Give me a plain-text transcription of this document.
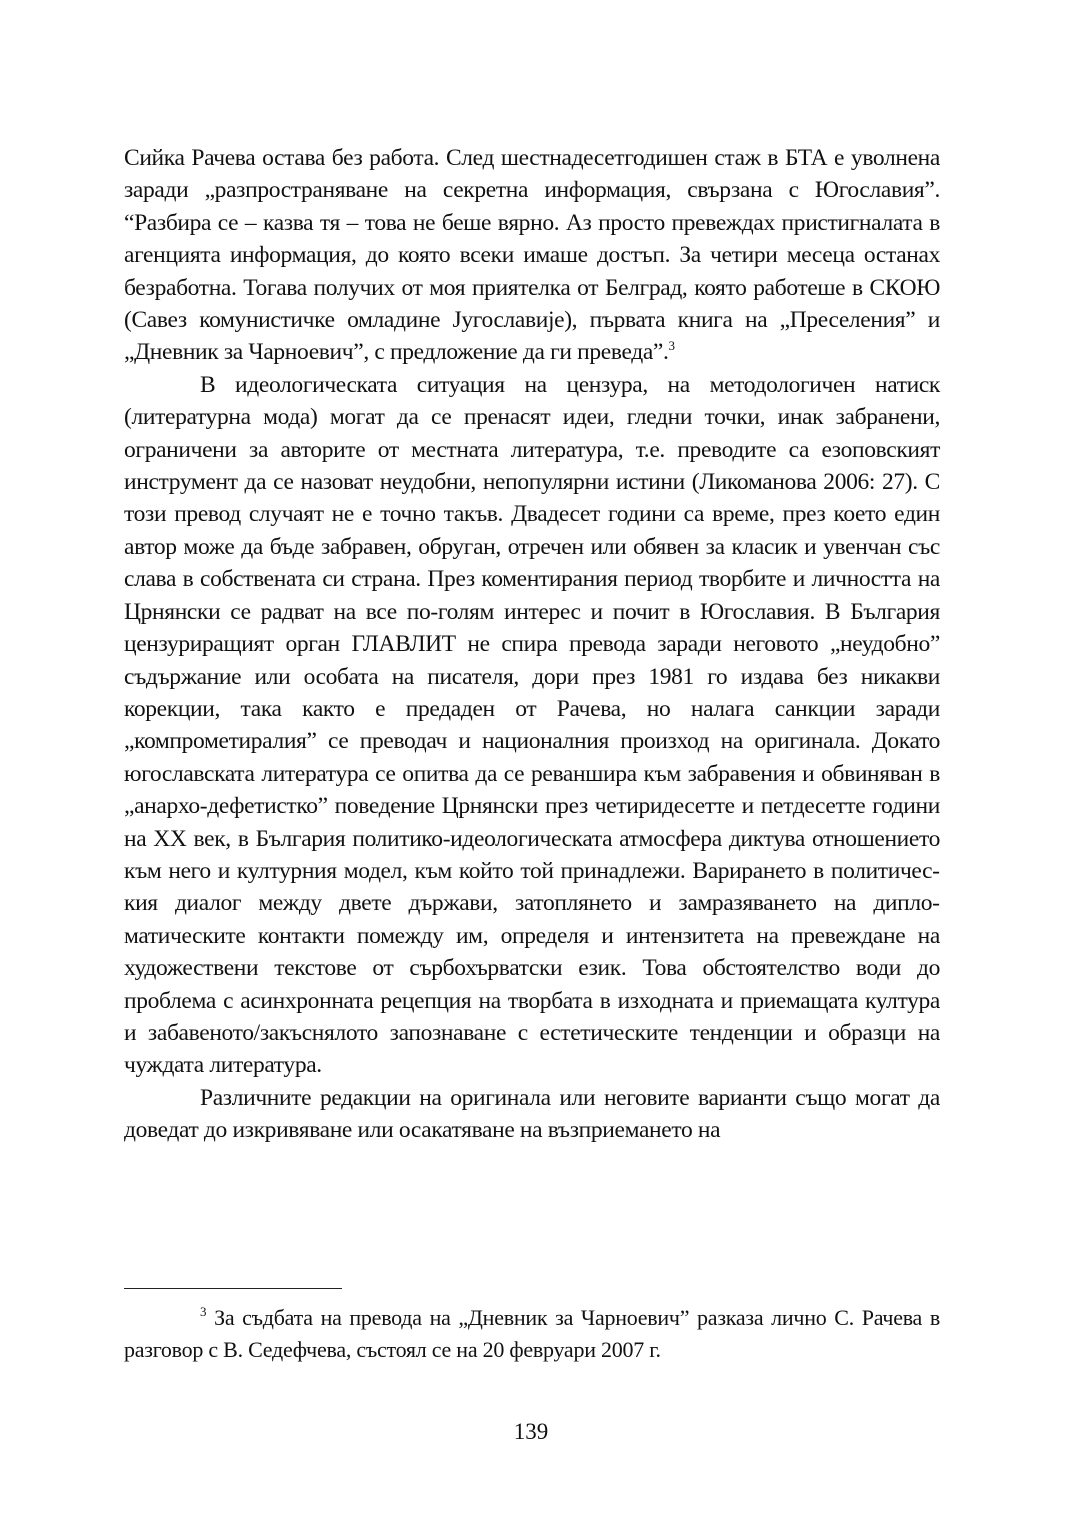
Сийка Рачева остава без работа. След шестнадесетгодишен стаж в БТА е уволнена заради „разпространяване на секретна информация, свързана с Югославия”. “Разбира се – казва тя – това не беше вярно. Аз просто превеждах пристигналата в агенцията информация, до която всеки имаше достъп. За четири месеца останах безработна. Тогава получих от моя приятелка от Белград, която работеше в СКОЮ (Савез комунистичке омладине Југославије), първата книга на „Преселения” и „Дневник за Чарноевич”, с предложение да ги преведа”.$^3$

В идеологическата ситуация на цензура, на методологичен натиск (литературна мода) могат да се пренасят идеи, гледни точки, инак забранени, ограничени за авторите от местната литература, т.е. преводите са езоповският инструмент да се назоват неудобни, непопулярни истини (Ликоманова 2006: 27). С този превод случаят не е точно такъв. Двадесет години са време, през което един автор може да бъде забравен, обруган, отречен или обявен за класик и увенчан със слава в собствената си страна. През коментирания период творбите и личността на Црнянски се радват на все по-голям интерес и почит в Югославия. В България цензуриращият орган ГЛАВЛИТ не спира превода заради неговото „неудобно” съдържание или особата на писателя, дори през 1981 го издава без никакви корекции, така както е предаден от Рачева, но налага санкции заради „компрометиралия” се преводач и националния произход на оригинала. Докато югославската литература се опитва да се реваншира към забравения и обвиняван в „анархо-дефетистко” поведение Црнянски през четиридесетте и петдесетте години на XX век, в България политико-идеологическата атмосфера диктува отношението към него и културния модел, към който той принадлежи. Варирането в политическия диалог между двете държави, затоплянето и замразяването на дипломатическите контакти помежду им, определя и интензитета на превеждане на художествени текстове от сърбохърватски език. Това обстоятелство води до проблема с асинхронната рецепция на творбата в изходната и приемащата култура и забавеното/закъснялото запознаване с естетическите тенденции и образци на чуждата литература.

Различните редакции на оригинала или неговите варианти също могат да доведат до изкривяване или осакатяване на възприемането на

$^3$ За съдбата на превода на „Дневник за Чарноевич” разказа лично С. Рачева в разговор с В. Седефчева, състоял се на 20 февруари 2007 г.

139
